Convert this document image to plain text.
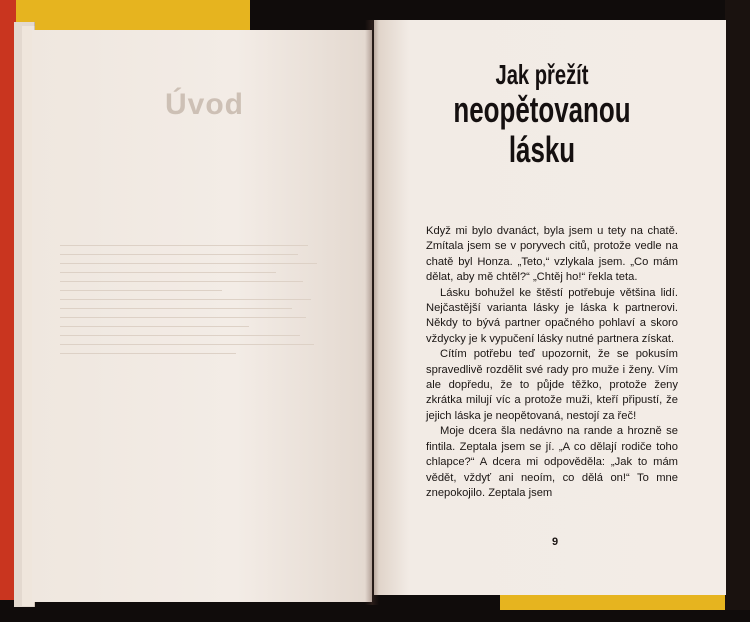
Úvod
Jak přežít
neopětovanou
lásku

Když mi bylo dvanáct, byla jsem u tety na chatě. Zmítala jsem se v poryvech citů, protože vedle na chatě byl Honza. „Teto,“ vzlykala jsem. „Co mám dělat, aby mě chtěl?“ „Chtěj ho!“ řekla teta.

Lásku bohužel ke štěstí potřebuje většina lidí. Nejčastější varianta lásky je láska k partnerovi. Někdy to bývá partner opačného pohlaví a skoro vždycky je k vypučení lásky nutné partnera získat.

Cítím potřebu teď upozornit, že se pokusím spravedlivě rozdělit své rady pro muže i ženy. Vím ale dopředu, že to půjde těžko, protože ženy zkrátka milují víc a protože muži, kteří připustí, že jejich láska je neopětovaná, nestojí za řeč!

Moje dcera šla nedávno na rande a hrozně se fintila. Zeptala jsem se jí. „A co dělají rodiče toho chlapce?“ A dcera mi odpověděla: „Jak to mám vědět, vždyť ani neoím, co dělá on!“ To mne znepokojilo. Zeptala jsem

9
